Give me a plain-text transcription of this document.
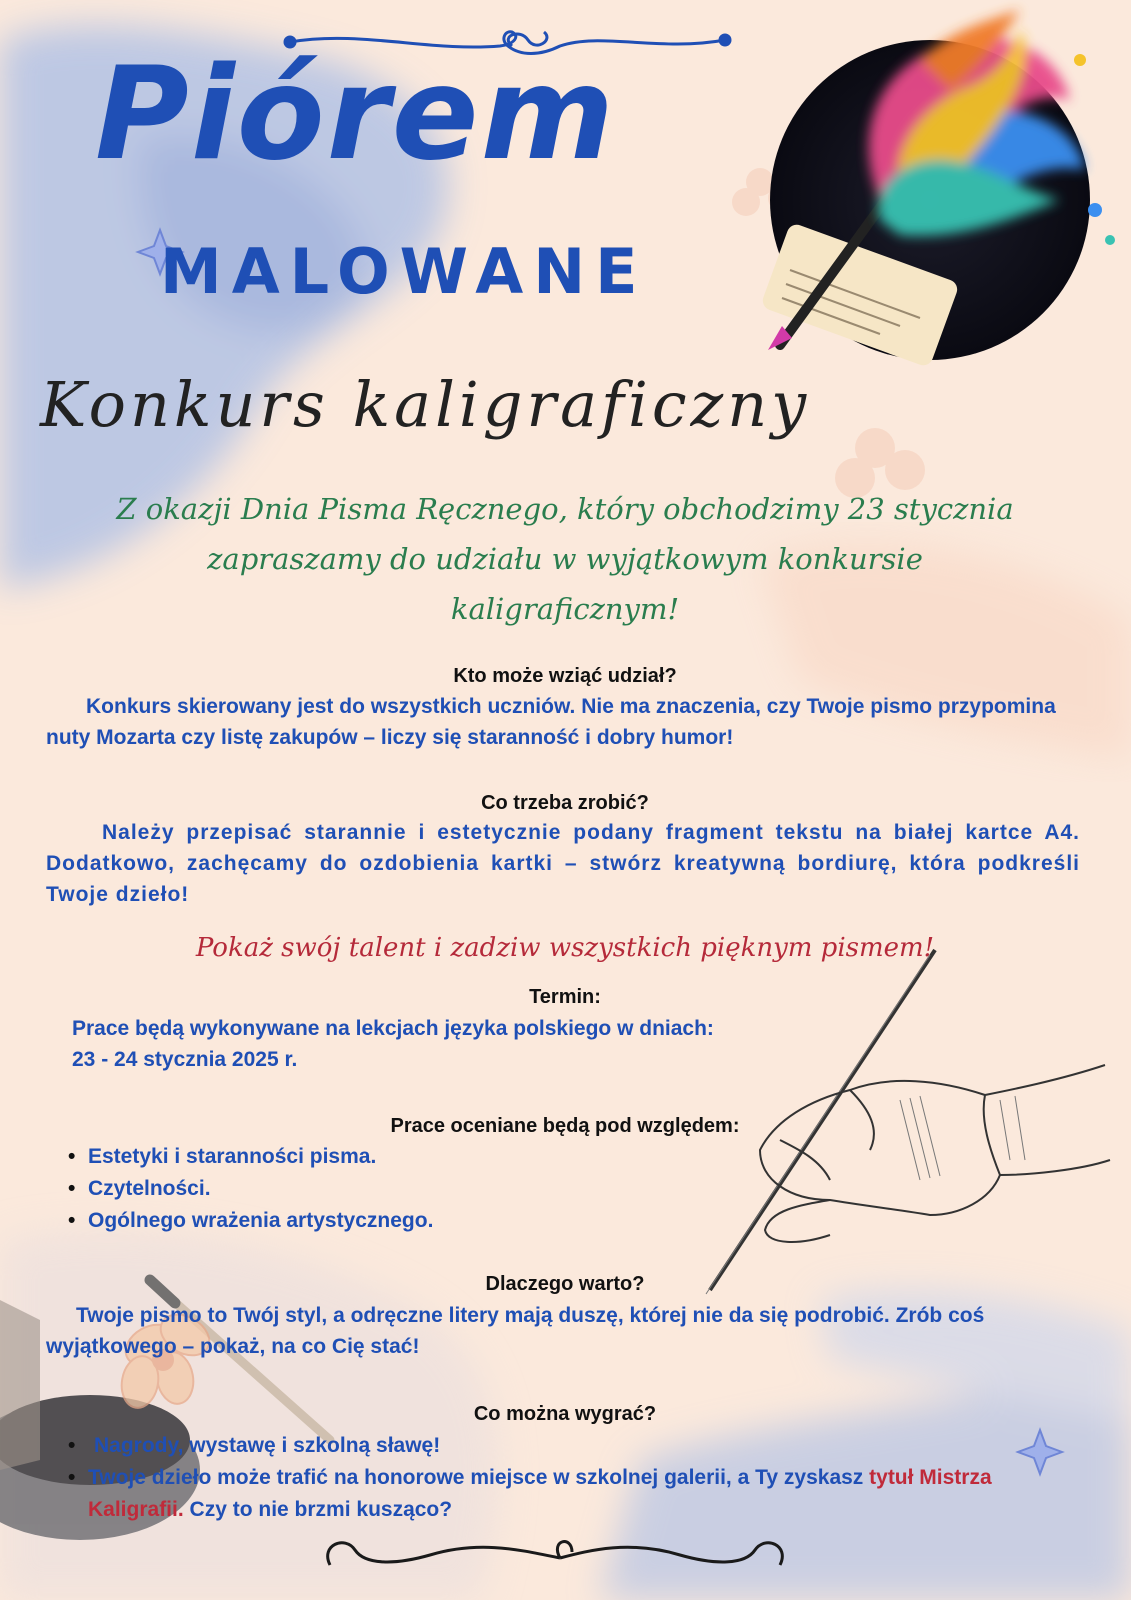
Piórem
MALOWANE
Konkurs kaligraficzny

Z okazji Dnia Pisma Ręcznego, który obchodzimy 23 stycznia zapraszamy do udziału w wyjątkowym konkursie kaligraficznym!

Kto może wziąć udział?

Konkurs skierowany jest do wszystkich uczniów. Nie ma znaczenia, czy Twoje pismo przypomina nuty Mozarta czy listę zakupów – liczy się staranność i dobry humor!

Co trzeba zrobić?

Należy przepisać starannie i estetycznie podany fragment tekstu na białej kartce A4. Dodatkowo, zachęcamy do ozdobienia kartki – stwórz kreatywną bordiurę, która podkreśli Twoje dzieło!

Pokaż swój talent i zadziw wszystkich pięknym pismem!

Termin:

Prace będą wykonywane na lekcjach języka polskiego w dniach:

23 - 24 stycznia 2025 r.

Prace oceniane będą pod względem:
• Estetyki i staranności pisma.
• Czytelności.
• Ogólnego wrażenia artystycznego.
Dlaczego warto?

Twoje pismo to Twój styl, a odręczne litery mają duszę, której nie da się podrobić. Zrób coś wyjątkowego – pokaż, na co Cię stać!

Co można wygrać?
• Nagrody, wystawę i szkolną sławę!
• Twoje dzieło może trafić na honorowe miejsce w szkolnej galerii, a Ty zyskasz tytuł Mistrza Kaligrafii. Czy to nie brzmi kusząco?
